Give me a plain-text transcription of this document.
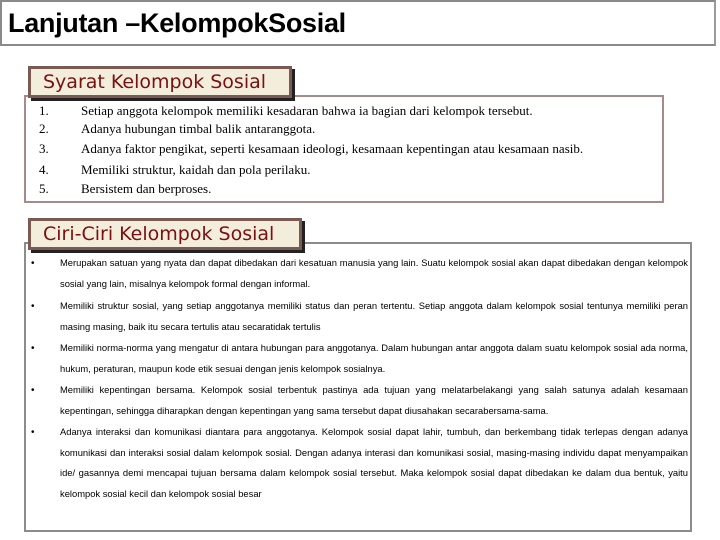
Lanjutan –KelompokSosial
1. Setiap anggota kelompok memiliki kesadaran bahwa ia bagian dari kelompok tersebut.
2. Adanya hubungan timbal balik antaranggota.
3. Adanya faktor pengikat, seperti kesamaan ideologi, kesamaan kepentingan atau kesamaan nasib.
4. Memiliki struktur, kaidah dan pola perilaku.
5. Bersistem dan berproses.
Syarat Kelompok Sosial
•	Merupakan satuan yang nyata dan dapat dibedakan dari kesatuan manusia yang lain. Suatu kelompok sosial akan dapat dibedakan dengan kelompok sosial yang lain, misalnya kelompok formal dengan informal.
•	Memiliki struktur sosial, yang setiap anggotanya memiliki status dan peran tertentu. Setiap anggota dalam kelompok sosial tentunya memiliki peran masing masing, baik itu secara tertulis atau secaratidak tertulis
•	Memiliki norma-norma yang mengatur di antara hubungan para anggotanya. Dalam hubungan antar anggota dalam suatu kelompok sosial ada norma, hukum, peraturan, maupun kode etik sesuai dengan jenis kelompok sosialnya.
•	Memiliki kepentingan bersama. Kelompok sosial terbentuk pastinya ada tujuan yang melatarbelakangi yang salah satunya adalah kesamaan kepentingan, sehingga diharapkan dengan kepentingan yang sama tersebut dapat diusahakan secarabersama-sama.
•	Adanya interaksi dan komunikasi diantara para anggotanya. Kelompok sosial dapat lahir, tumbuh, dan berkembang tidak terlepas dengan adanya komunikasi dan interaksi sosial dalam kelompok sosial. Dengan adanya interasi dan komunikasi sosial, masing-masing individu dapat menyampaikan ide/ gasannya demi mencapai tujuan bersama dalam kelompok sosial tersebut. Maka kelompok sosial dapat dibedakan ke dalam dua bentuk, yaitu kelompok sosial kecil dan kelompok sosial besar
Ciri-Ciri Kelompok Sosial
